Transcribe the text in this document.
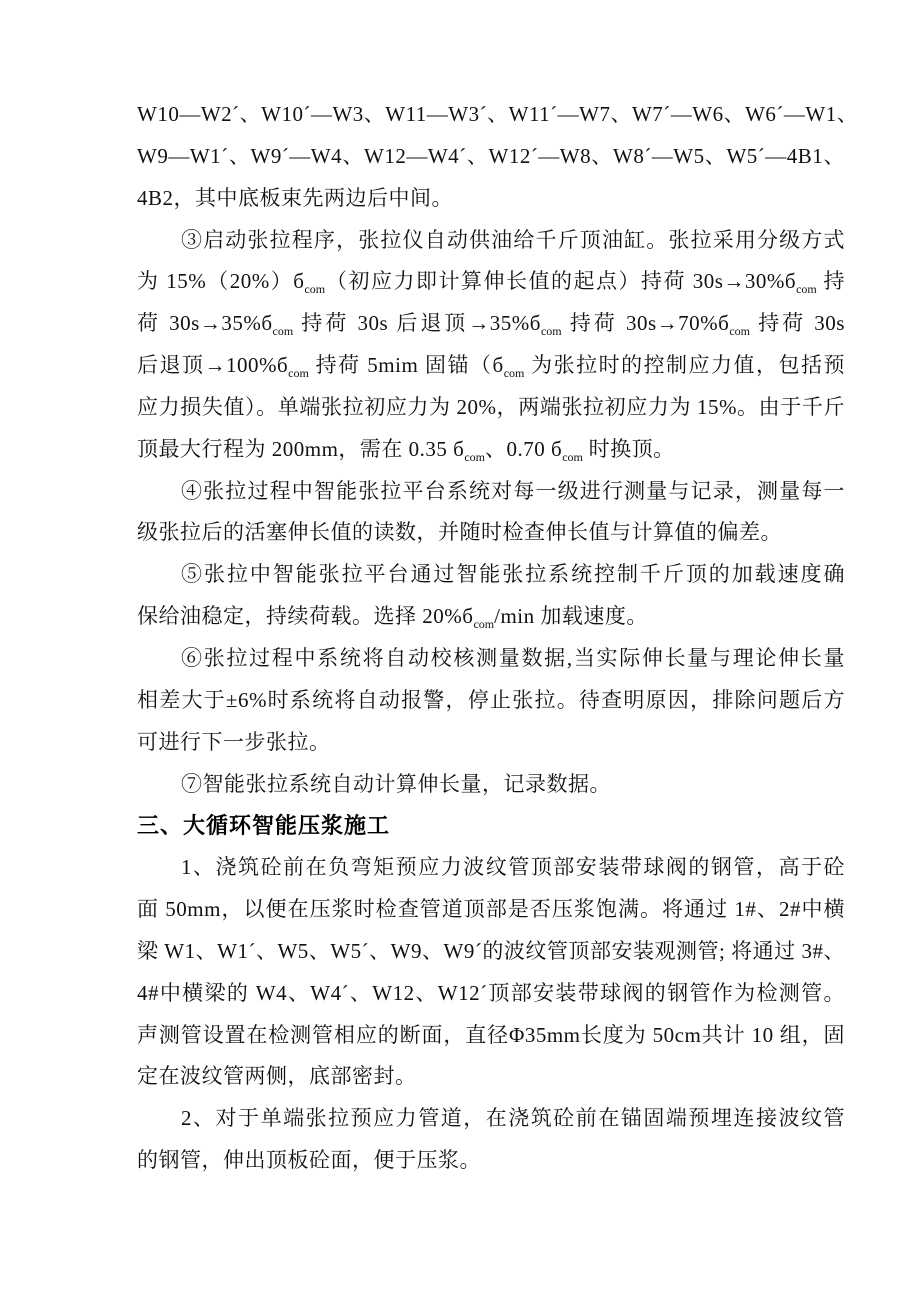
W10—W2´、W10´—W3、W11—W3´、W11´—W7、W7´—W6、W6´—W1、
W9—W1´、W9´—W4、W12—W4´、W12´—W8、W8´—W5、W5´—4B1、
4B2，其中底板束先两边后中间。
③启动张拉程序，张拉仪自动供油给千斤顶油缸。张拉采用分级方式
为 $15\%(20\%)б_{com}$（初应力即计算伸长值的起点）持荷 $30s\to 30\%б_{com}$ 持
荷 $30s\to 35\%б_{com}$ 持荷 30s 后退顶$\to 35\%б_{com}$ 持荷 $30s\to 70\%б_{com}$ 持荷 30s
后退顶$\to 100\%б_{com}$ 持荷 5mim 固锚（$б_{com}$ 为张拉时的控制应力值，包括预
应力损失值）。单端张拉初应力为 20%，两端张拉初应力为 15%。由于千斤
顶最大行程为 200mm，需在 0.35 $б_{com}$、0.70 $б_{com}$ 时换顶。
④张拉过程中智能张拉平台系统对每一级进行测量与记录，测量每一
级张拉后的活塞伸长值的读数，并随时检查伸长值与计算值的偏差。
⑤张拉中智能张拉平台通过智能张拉系统控制千斤顶的加载速度确
保给油稳定，持续荷载。选择 $20\%б_{com}/\min$ 加载速度。
⑥张拉过程中系统将自动校核测量数据,当实际伸长量与理论伸长量
相差大于±6%时系统将自动报警，停止张拉。待查明原因，排除问题后方
可进行下一步张拉。
⑦智能张拉系统自动计算伸长量，记录数据。
三、大循环智能压浆施工
1、浇筑砼前在负弯矩预应力波纹管顶部安装带球阀的钢管，高于砼
面 50mm，以便在压浆时检查管道顶部是否压浆饱满。将通过 1#、2#中横
梁 W1、W1´、W5、W5´、W9、W9´的波纹管顶部安装观测管; 将通过 3#、
4#中横梁的 W4、W4´、W12、W12´顶部安装带球阀的钢管作为检测管。
声测管设置在检测管相应的断面，直径Φ35mm长度为 50cm共计 10 组，固
定在波纹管两侧，底部密封。
2、对于单端张拉预应力管道，在浇筑砼前在锚固端预埋连接波纹管
的钢管，伸出顶板砼面，便于压浆。
